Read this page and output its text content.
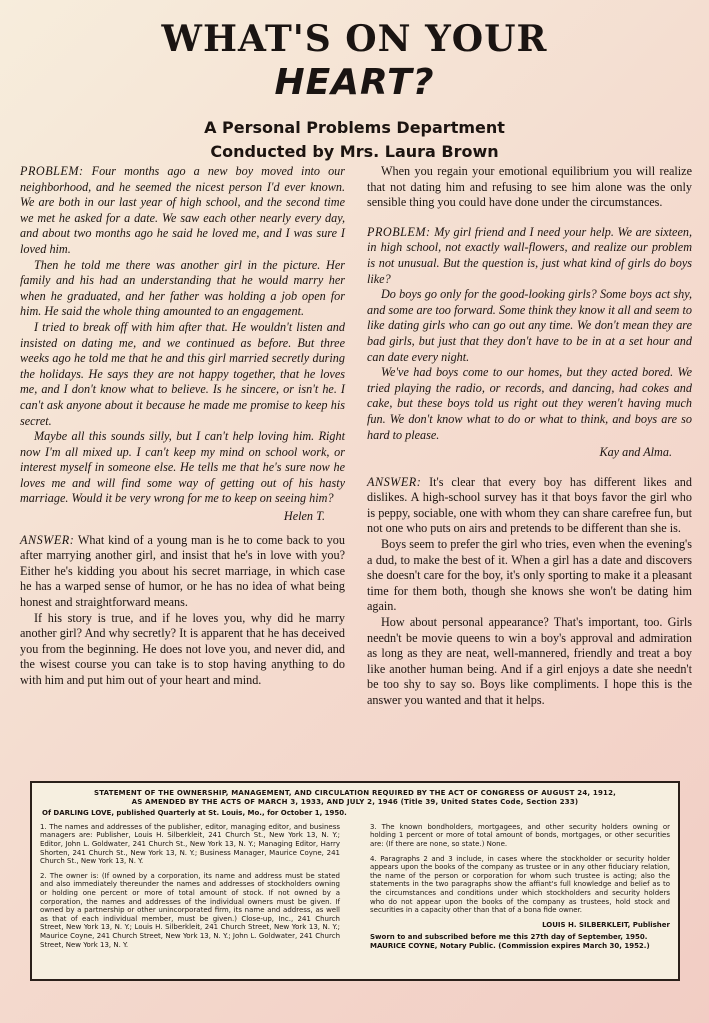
WHAT'S ON YOUR
HEART?
A Personal Problems Department
Conducted by Mrs. Laura Brown

PROBLEM: Four months ago a new boy moved into our neighborhood, and he seemed the nicest person I'd ever known. We are both in our last year of high school, and the second time we met he asked for a date. We saw each other nearly every day, and about two months ago he said he loved me, and I was sure I loved him.

Then he told me there was another girl in the picture. Her family and his had an understanding that he would marry her when he graduated, and her father was holding a job open for him. He said the whole thing amounted to an engagement.

I tried to break off with him after that. He wouldn't listen and insisted on dating me, and we continued as before. But three weeks ago he told me that he and this girl married secretly during the holidays. He says they are not happy together, that he loves me, and I don't know what to believe. Is he sincere, or isn't he. I can't ask anyone about it because he made me promise to keep his secret.

Maybe all this sounds silly, but I can't help loving him. Right now I'm all mixed up. I can't keep my mind on school work, or interest myself in someone else. He tells me that he's sure now he loves me and will find some way of getting out of his hasty marriage. Would it be very wrong for me to keep on seeing him?

Helen T.

ANSWER: What kind of a young man is he to come back to you after marrying another girl, and insist that he's in love with you? Either he's kidding you about his secret marriage, in which case he has a warped sense of humor, or he has no idea of what being honest and straightforward means.

If his story is true, and if he loves you, why did he marry another girl? And why secretly? It is apparent that he has deceived you from the beginning. He does not love you, and never did, and the wisest course you can take is to stop having anything to do with him and put him out of your heart and mind.

When you regain your emotional equilibrium you will realize that not dating him and refusing to see him alone was the only sensible thing you could have done under the circumstances.

PROBLEM: My girl friend and I need your help. We are sixteen, in high school, not exactly wall-flowers, and realize our problem is not unusual. But the question is, just what kind of girls do boys like?

Do boys go only for the good-looking girls? Some boys act shy, and some are too forward. Some think they know it all and seem to like dating girls who can go out any time. We don't mean they are bad girls, but just that they don't have to be in at a set hour and can date every night.

We've had boys come to our homes, but they acted bored. We tried playing the radio, or records, and dancing, had cokes and cake, but these boys told us right out they weren't having much fun. We don't know what to do or what to think, and boys are so hard to please.

Kay and Alma.

ANSWER: It's clear that every boy has different likes and dislikes. A high-school survey has it that boys favor the girl who is peppy, sociable, one with whom they can share carefree fun, but not one who puts on airs and pretends to be different than she is.

Boys seem to prefer the girl who tries, even when the evening's a dud, to make the best of it. When a girl has a date and discovers she doesn't care for the boy, it's only sporting to make it a pleasant time for them both, though she knows she won't be dating him again.

How about personal appearance? That's important, too. Girls needn't be movie queens to win a boy's approval and admiration as long as they are neat, well-mannered, friendly and treat a boy like another human being. And if a girl enjoys a date she needn't be too shy to say so. Boys like compliments. I hope this is the answer you wanted and that it helps.

STATEMENT OF THE OWNERSHIP, MANAGEMENT, AND CIRCULATION REQUIRED BY THE ACT OF CONGRESS OF AUGUST 24, 1912,
AS AMENDED BY THE ACTS OF MARCH 3, 1933, AND JULY 2, 1946 (Title 39, United States Code, Section 233)
Of DARLING LOVE, published Quarterly at St. Louis, Mo., for October 1, 1950.

1. The names and addresses of the publisher, editor, managing editor, and business managers are: Publisher, Louis H. Silberkleit, 241 Church St., New York 13, N. Y.; Editor, John L. Goldwater, 241 Church St., New York 13, N. Y.; Managing Editor, Harry Shorten, 241 Church St., New York 13, N. Y.; Business Manager, Maurice Coyne, 241 Church St., New York 13, N. Y.

2. The owner is: (If owned by a corporation, its name and address must be stated and also immediately thereunder the names and addresses of stockholders owning or holding one percent or more of total amount of stock. If not owned by a corporation, the names and addresses of the individual owners must be given. If owned by a partnership or other unincorporated firm, its name and address, as well as that of each individual member, must be given.) Close-up, Inc., 241 Church Street, New York 13, N. Y.; Louis H. Silberkleit, 241 Church Street, New York 13, N. Y.; Maurice Coyne, 241 Church Street, New York 13, N. Y.; John L. Goldwater, 241 Church Street, New York 13, N. Y.

3. The known bondholders, mortgagees, and other security holders owning or holding 1 percent or more of total amount of bonds, mortgages, or other securities are: (If there are none, so state.) None.

4. Paragraphs 2 and 3 include, in cases where the stockholder or security holder appears upon the books of the company as trustee or in any other fiduciary relation, the name of the person or corporation for whom such trustee is acting; also the statements in the two paragraphs show the affiant's full knowledge and belief as to the circumstances and conditions under which stockholders and security holders who do not appear upon the books of the company as trustees, hold stock and securities in a capacity other than that of a bona fide owner.

LOUIS H. SILBERKLEIT, Publisher
Sworn to and subscribed before me this 27th day of September, 1950. MAURICE COYNE, Notary Public. (Commission expires March 30, 1952.)
